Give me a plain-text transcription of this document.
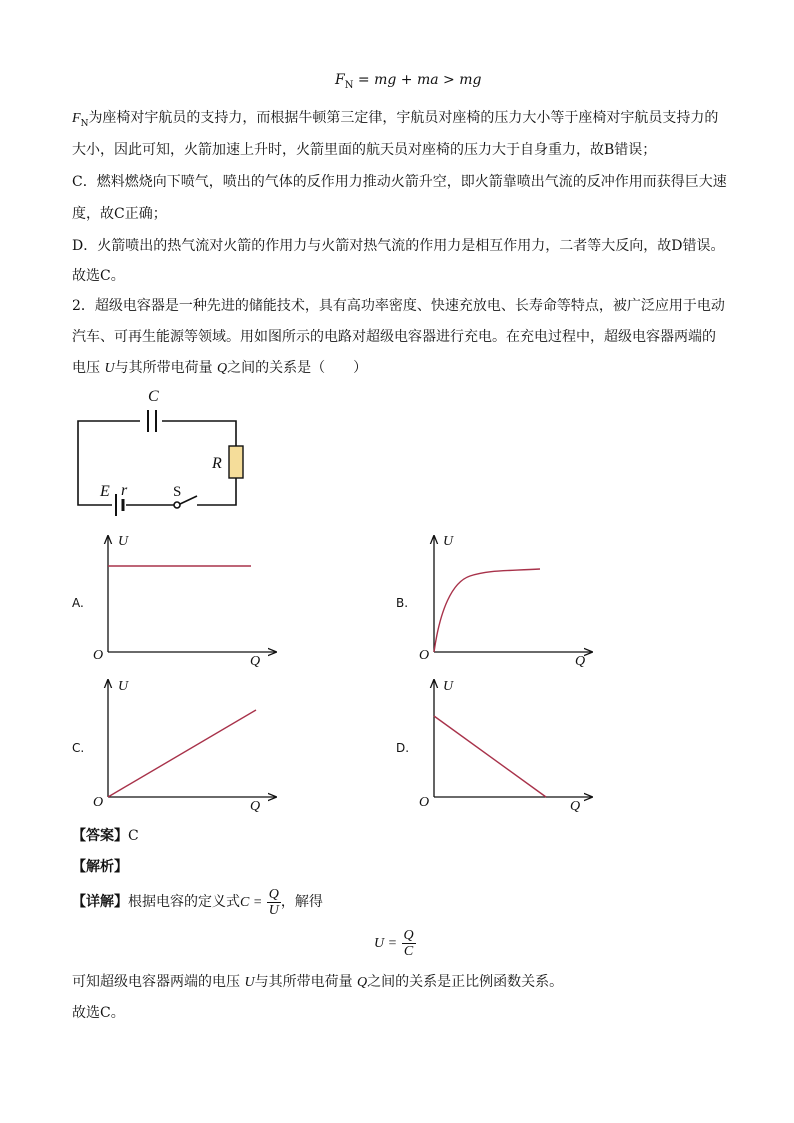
$F_N$ = mg + ma > mg
$F_N$为座椅对宇航员的支持力，而根据牛顿第三定律，宇航员对座椅的压力大小等于座椅对宇航员支持力的
大小，因此可知，火箭加速上升时，火箭里面的航天员对座椅的压力大于自身重力，故B错误；
C．燃料燃烧向下喷气，喷出的气体的反作用力推动火箭升空，即火箭靠喷出气流的反冲作用而获得巨大速
度，故C正确；
D．火箭喷出的热气流对火箭的作用力与火箭对热气流的作用力是相互作用力，二者等大反向，故D错误。
故选C。
2．超级电容器是一种先进的储能技术，具有高功率密度、快速充放电、长寿命等特点，被广泛应用于电动
汽车、可再生能源等领域。用如图所示的电路对超级电容器进行充电。在充电过程中，超级电容器两端的
电压 U与其所带电荷量 Q之间的关系是（　　）
C
R
E r	S
A.
U
O	Q
B.
U
O	Q
C.
U
O	Q
D.
U
O	Q
【答案】C
【解析】
【详解】根据电容的定义式$C = \frac{Q}{U}$ ，解得
$U = \frac{Q}{C}$
可知超级电容器两端的电压 U与其所带电荷量 Q之间的关系是正比例函数关系。
故选C。
